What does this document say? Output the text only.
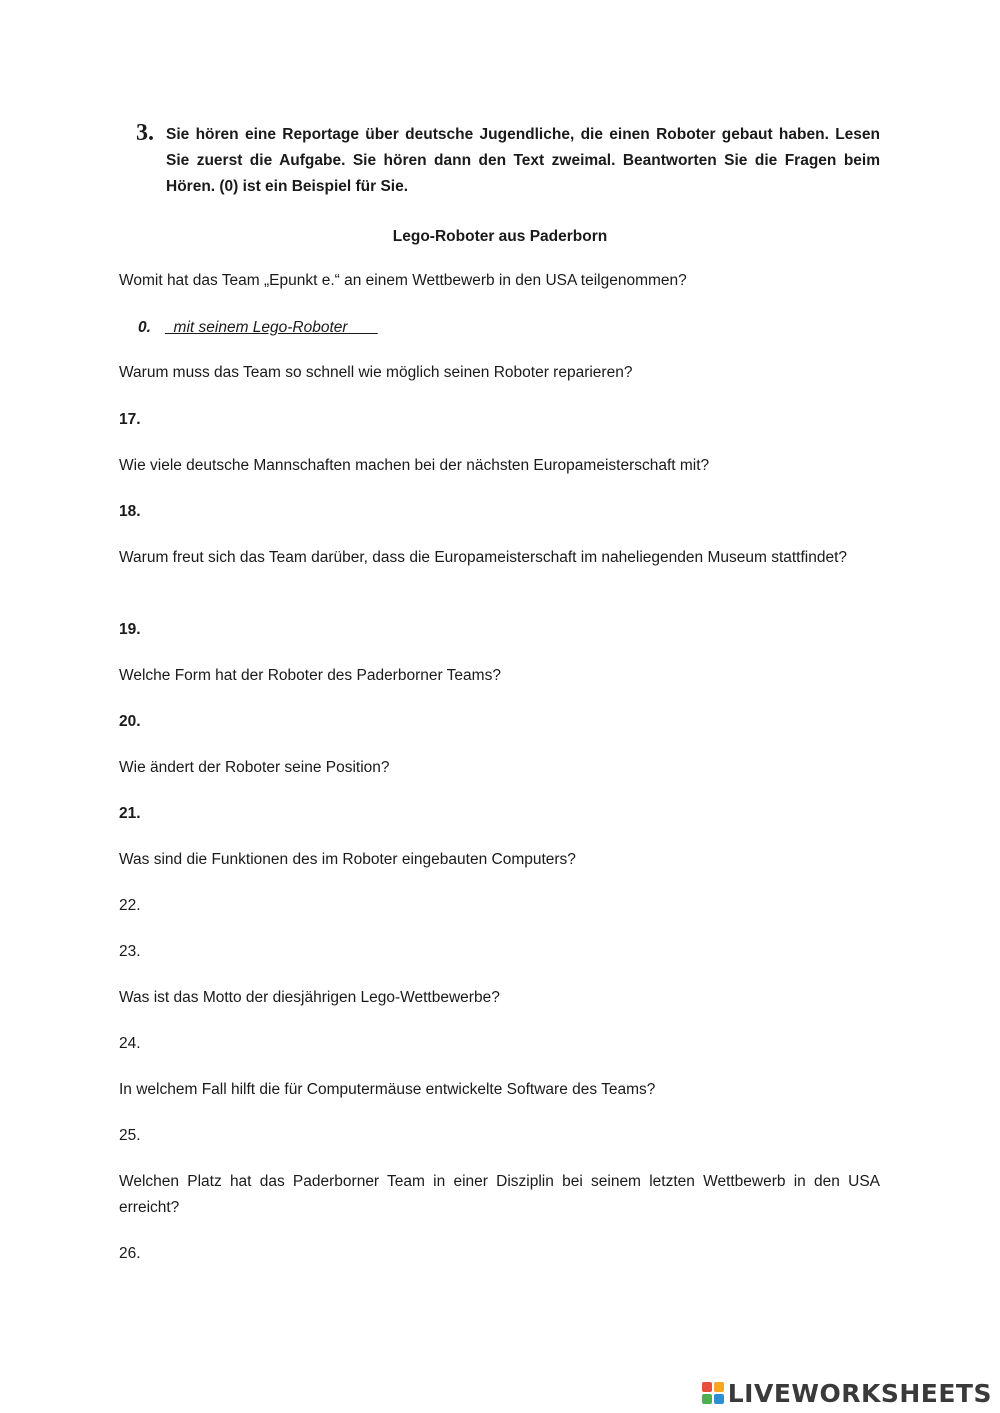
3. Sie hören eine Reportage über deutsche Jugendliche, die einen Roboter gebaut haben. Lesen Sie zuerst die Aufgabe. Sie hören dann den Text zweimal. Beantworten Sie die Fragen beim Hören. (0) ist ein Beispiel für Sie.
Lego-Roboter aus Paderborn
Womit hat das Team „Epunkt e.“ an einem Wettbewerb in den USA teilgenommen?
0.  mit seinem Lego-Roboter
Warum muss das Team so schnell wie möglich seinen Roboter reparieren?
17.
Wie viele deutsche Mannschaften machen bei der nächsten Europameisterschaft mit?
18.
Warum freut sich das Team darüber, dass die Europameisterschaft im naheliegenden Museum stattfindet?
19.
Welche Form hat der Roboter des Paderborner Teams?
20.
Wie ändert der Roboter seine Position?
21.
Was sind die Funktionen des im Roboter eingebauten Computers?
22.
23.
Was ist das Motto der diesjährigen Lego-Wettbewerbe?
24.
In welchem Fall hilft die für Computermäuse entwickelte Software des Teams?
25.
Welchen Platz hat das Paderborner Team in einer Disziplin bei seinem letzten Wettbewerb in den USA erreicht?
26.
LIVEWORKSHEETS
